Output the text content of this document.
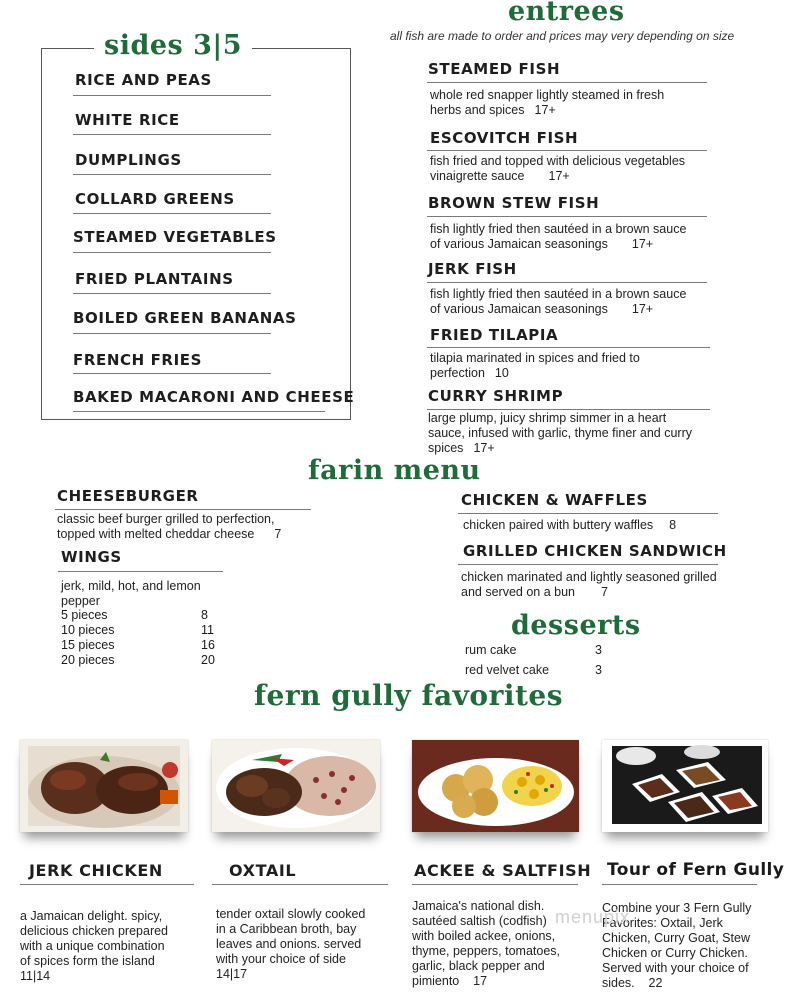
sides 3|5
RICE AND PEAS
WHITE RICE
DUMPLINGS
COLLARD GREENS
STEAMED VEGETABLES
FRIED PLANTAINS
BOILED GREEN BANANAS
FRENCH FRIES
BAKED MACARONI AND CHEESE
entrees
all fish are made to order and prices may very depending on size
STEAMED FISH
whole red snapper lightly steamed in fresh
herbs and spices 17+
ESCOVITCH FISH
fish fried and topped with delicious vegetables
vinaigrette sauce 17+
BROWN STEW FISH
fish lightly fried then sautéed in a brown sauce
of various Jamaican seasonings 17+
JERK FISH
fish lightly fried then sautéed in a brown sauce
of various Jamaican seasonings 17+
FRIED TILAPIA
tilapia marinated in spices and fried to
perfection 10
CURRY SHRIMP
large plump, juicy shrimp simmer in a heart
sauce, infused with garlic, thyme finer and curry
spices 17+
farin menu
CHEESEBURGER
classic beef burger grilled to perfection,
topped with melted cheddar cheese 7
WINGS
jerk, mild, hot, and lemon
pepper
5 pieces	8
10 pieces	11
15 pieces	16
20 pieces	20
CHICKEN & WAFFLES
chicken paired with buttery waffles 8
GRILLED CHICKEN SANDWICH
chicken marinated and lightly seasoned grilled
and served on a bun 7
desserts
rum cake	3
red velvet cake	3
fern gully favorites
JERK CHICKEN
a Jamaican delight. spicy,
delicious chicken prepared
with a unique combination
of spices form the island
11|14
OXTAIL
tender oxtail slowly cooked
in a Caribbean broth, bay
leaves and onions. served
with your choice of side
14|17
ACKEE & SALTFISH
Jamaica's national dish.
sautéed saltish (codfish)
with boiled ackee, onions,
thyme, peppers, tomatoes,
garlic, black pepper and
pimiento    17
Tour of Fern Gully
Combine your 3 Fern Gully
Favorites: Oxtail, Jerk
Chicken, Curry Goat, Stew
Chicken or Curry Chicken.
Served with your choice of
sides.    22
menupix
